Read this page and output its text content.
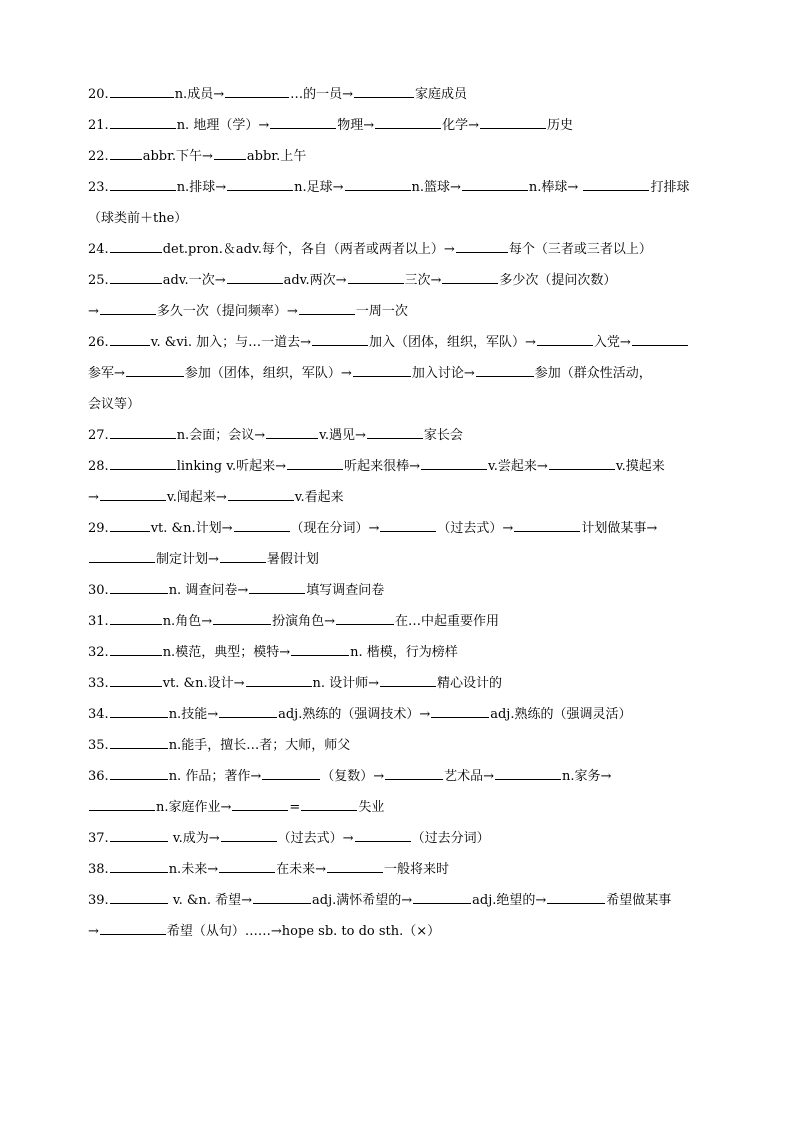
20.	n.成员→	…的一员→	家庭成员
21.	n. 地理（学）→	物理→	化学→	历史
22.	abbr.下午→	abbr.上午
23.	n.排球→	n.足球→	n.篮球→	n.棒球→	打排球
（球类前＋the）
24.	det.pron.＆adv.每个，各自（两者或两者以上）→	每个（三者或三者以上）
25.	adv.一次→	adv.两次→	三次→	多少次（提问次数）
→	多久一次（提问频率）→	一周一次
26.	v. &vi. 加入；与…一道去→	加入（团体，组织，军队）→	入党→
参军→	参加（团体，组织，军队）→	加入讨论→	参加（群众性活动，
会议等）
27.	n.会面；会议→	v.遇见→	家长会
28.	linking v.听起来→	听起来很棒→	v.尝起来→	v.摸起来
→	v.闻起来→	v.看起来
29.	vt. &n.计划→	（现在分词）→	（过去式）→	计划做某事→
制定计划→	暑假计划
30.	n. 调查问卷→	填写调查问卷
31.	n.角色→	扮演角色→	在…中起重要作用
32.	n.模范，典型；模特→	n. 楷模，行为榜样
33.	vt. &n.设计→	n. 设计师→	精心设计的
34.	n.技能→	adj.熟练的（强调技术）→	adj.熟练的（强调灵活）
35.	n.能手，擅长…者；大师，师父
36.	n. 作品；著作→	（复数）→	艺术品→	n.家务→
n.家庭作业→	=	失业
37.	v.成为→	（过去式）→	（过去分词）
38.	n.未来→	在未来→	一般将来时
39.	v. &n. 希望→	adj.满怀希望的→	adj.绝望的→	希望做某事
→	希望（从句）……→hope sb. to do sth.（×）
